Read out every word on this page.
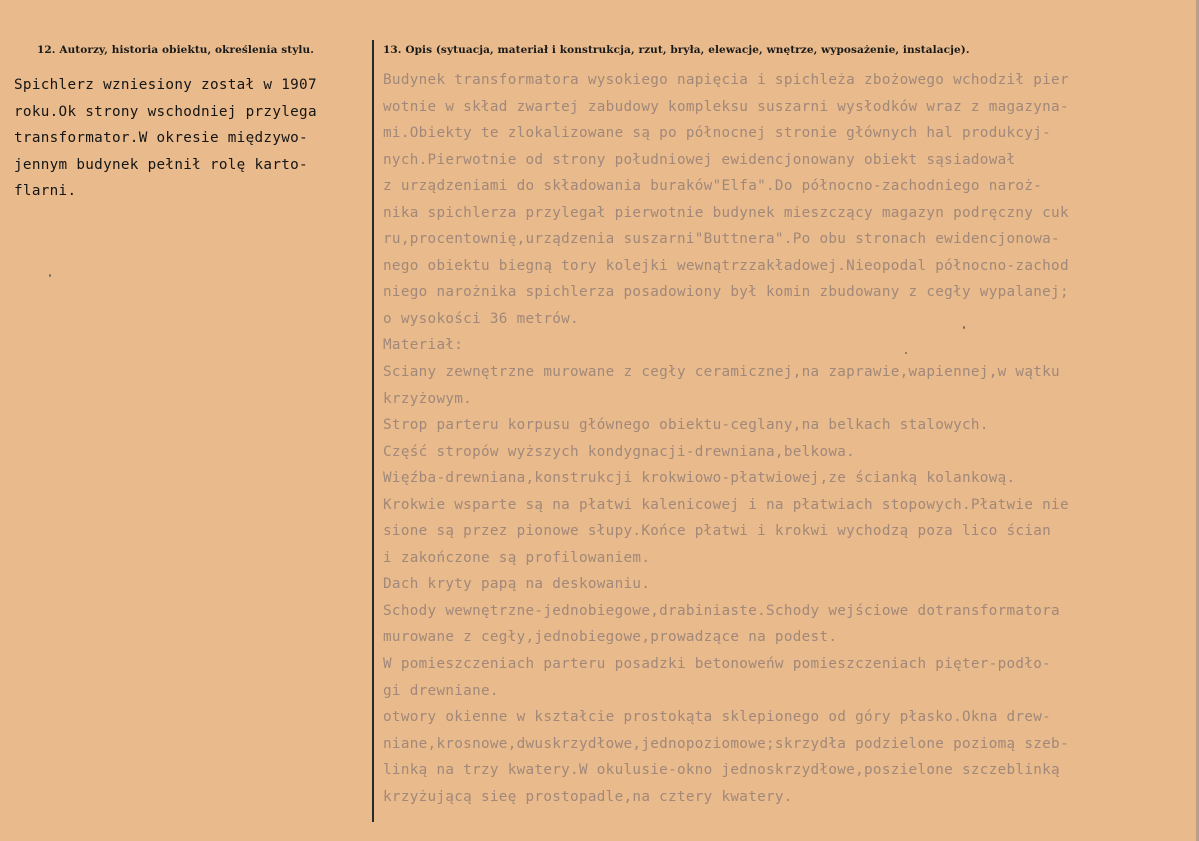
12. Autorzy, historia obiektu, określenia stylu.	13. Opis (sytuacja, materiał i konstrukcja, rzut, bryła, elewacje, wnętrze, wyposażenie, instalacje).
Spichlerz wzniesiony został w 1907
roku.Ok strony wschodniej przylega
transformator.W okresie międzywo-
jennym budynek pełnił rolę karto-
flarni.
Budynek transformatora wysokiego napięcia i spichleża zbożowego wchodził pier
wotnie w skład zwartej zabudowy kompleksu suszarni wysłodków wraz z magazyna-
mi.Obiekty te zlokalizowane są po północnej stronie głównych hal produkcyj-
nych.Pierwotnie od strony południowej ewidencjonowany obiekt sąsiadował
z urządzeniami do składowania buraków"Elfa".Do północno-zachodniego naroż-
nika spichlerza przylegał pierwotnie budynek mieszczący magazyn podręczny cuk
ru,procentownię,urządzenia suszarni"Buttnera".Po obu stronach ewidencjonowa-
nego obiektu biegną tory kolejki wewnątrzzakładowej.Nieopodal północno-zachod
niego narożnika spichlerza posadowiony był komin zbudowany z cegły wypalanej;
o wysokości 36 metrów.
Materiał:
Sciany zewnętrzne murowane z cegły ceramicznej,na zaprawie,wapiennej,w wątku
krzyżowym.
Strop parteru korpusu głównego obiektu-ceglany,na belkach stalowych.
Część stropów wyższych kondygnacji-drewniana,belkowa.
Więźba-drewniana,konstrukcji krokwiowo-płatwiowej,ze ścianką kolankową.
Krokwie wsparte są na płatwi kalenicowej i na płatwiach stopowych.Płatwie nie
sione są przez pionowe słupy.Końce płatwi i krokwi wychodzą poza lico ścian
i zakończone są profilowaniem.
Dach kryty papą na deskowaniu.
Schody wewnętrzne-jednobiegowe,drabiniaste.Schody wejściowe dotransformatora
murowane z cegły,jednobiegowe,prowadzące na podest.
W pomieszczeniach parteru posadzki betonoweńw pomieszczeniach pięter-podło-
gi drewniane.
otwory okienne w kształcie prostokąta sklepionego od góry płasko.Okna drew-
niane,krosnowe,dwuskrzydłowe,jednopoziomowe;skrzydła podzielone poziomą szeb-
linką na trzy kwatery.W okulusie-okno jednoskrzydłowe,poszielone szczeblinką
krzyżującą sieę prostopadle,na cztery kwatery.
